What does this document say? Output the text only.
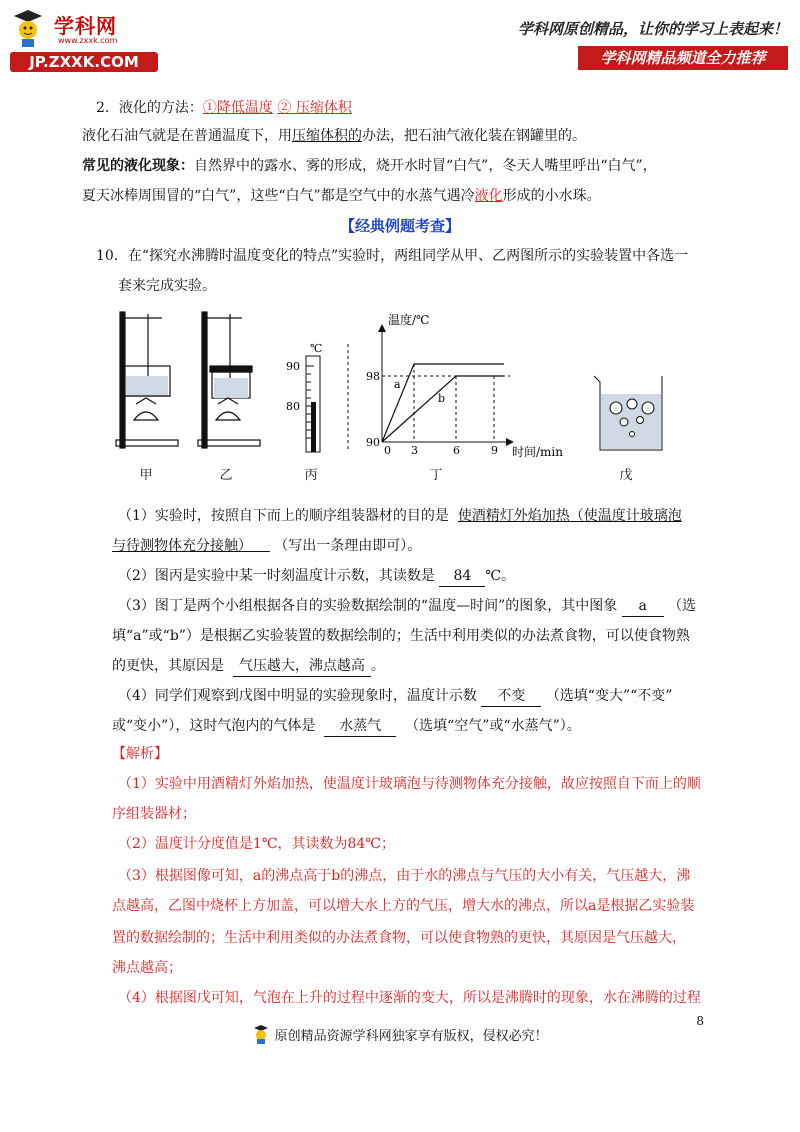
学科网
www.zxxk.com
JP.ZXXK.COM
学科网原创精品，让你的学习上表起来！
学科网精品频道全力推荐
2．液化的方法：①降低温度 ② 压缩体积
液化石油气就是在普通温度下，用压缩体积的办法，把石油气液化装在钢罐里的。
常见的液化现象：自然界中的露水、雾的形成，烧开水时冒“白气”，冬天人嘴里呼出“白气”，
夏天冰棒周围冒的“白气”，这些“白气”都是空气中的水蒸气遇冷液化形成的小水珠。
【经典例题考查】
10．在“探究水沸腾时温度变化的特点”实验时，两组同学从甲、乙两图所示的实验装置中各选一
套来完成实验。
℃
90
80
温度/℃
98
90
0 3	6	9 时间/min
a
b
甲	乙	丙	丁	戊
（1）实验时，按照自下而上的顺序组装器材的目的是 使酒精灯外焰加热（使温度计玻璃泡
与待测物体充分接触） （写出一条理由即可）。
（2）图丙是实验中某一时刻温度计示数，其读数是 84 ℃。
（3）图丁是两个小组根据各自的实验数据绘制的“温度—时间”的图象，其中图象 a （选
填“a”或“b”）是根据乙实验装置的数据绘制的；生活中利用类似的办法煮食物，可以使食物熟
的更快，其原因是 气压越大，沸点越高 。
（4）同学们观察到戊图中明显的实验现象时，温度计示数 不变 （选填“变大”“不变”
或“变小”），这时气泡内的气体是 水蒸气 （选填“空气”或“水蒸气”）。
【解析】
（1）实验中用酒精灯外焰加热，使温度计玻璃泡与待测物体充分接触，故应按照自下而上的顺
序组装器材；
（2）温度计分度值是1℃，其读数为84℃；
（3）根据图像可知，a的沸点高于b的沸点，由于水的沸点与气压的大小有关，气压越大，沸
点越高，乙图中烧杯上方加盖，可以增大水上方的气压，增大水的沸点，所以a是根据乙实验装
置的数据绘制的；生活中利用类似的办法煮食物，可以使食物熟的更快，其原因是气压越大，
沸点越高；
（4）根据图戊可知，气泡在上升的过程中逐渐的变大，所以是沸腾时的现象，水在沸腾的过程
8
原创精品资源学科网独家享有版权，侵权必究！
